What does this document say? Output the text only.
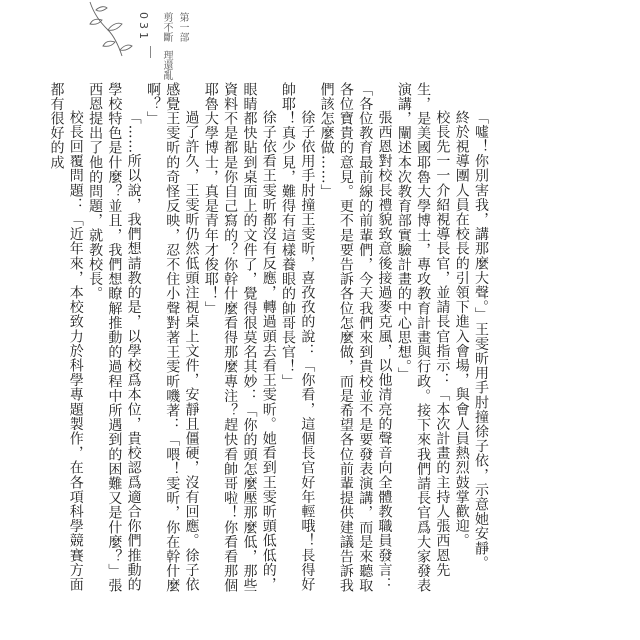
031	第一部
剪不斷理還亂

「噓！你別害我，講那麼大聲。」王雯昕用手肘撞徐子依，示意她安靜。

終於視導團人員在校長的引領下進入會場，與會人員熱烈鼓掌歡迎。

校長先一一介紹視導長官，並請長官指示：「本次計畫的主持人張西恩先生，是美國耶魯大學博士，專攻教育計畫與行政。接下來我們請長官爲大家發表演講，闡述本次教育部實驗計畫的中心思想。」

張西恩對校長禮貌致意後接過麥克風，以他清亮的聲音向全體教職員發言：「各位教育最前線的前輩們，今天我們來到貴校並不是要發表演講，而是來聽取各位寶貴的意見。更不是要告訴各位怎麼做，而是希望各位前輩提供建議告訴我們該怎麼做……」

徐子依用手肘撞王雯昕，喜孜孜的說：「你看，這個長官好年輕哦！長得好帥耶！真少見，難得有這樣養眼的帥哥長官！」

徐子依看王雯昕都沒有反應，轉過頭去看王雯昕。她看到王雯昕頭低低的，眼睛都快貼到桌面上的文件了，覺得很莫名其妙：「你的頭怎麼壓那麼低，那些資料不是都是你自己寫的？你幹什麼看得那麼專注？趕快看帥哥啦！你看看那個耶魯大學博士，真是青年才俊耶！」

過了許久，王雯昕仍然低頭注視桌上文件，安靜且僵硬，沒有回應。徐子依感覺王雯昕的奇怪反映，忍不住小聲對著王雯昕嘰著：「喂！雯昕，你在幹什麼啊？」

「……所以說，我們想請教的是，以學校爲本位，貴校認爲適合你們推動的學校特色是什麼？並且，我們想瞭解推動的過程中所遇到的困難又是什麼？」張西恩提出了他的問題，就教校長。

校長回覆問題：「近年來，本校致力於科學專題製作，在各項科學競賽方面都有很好的成
